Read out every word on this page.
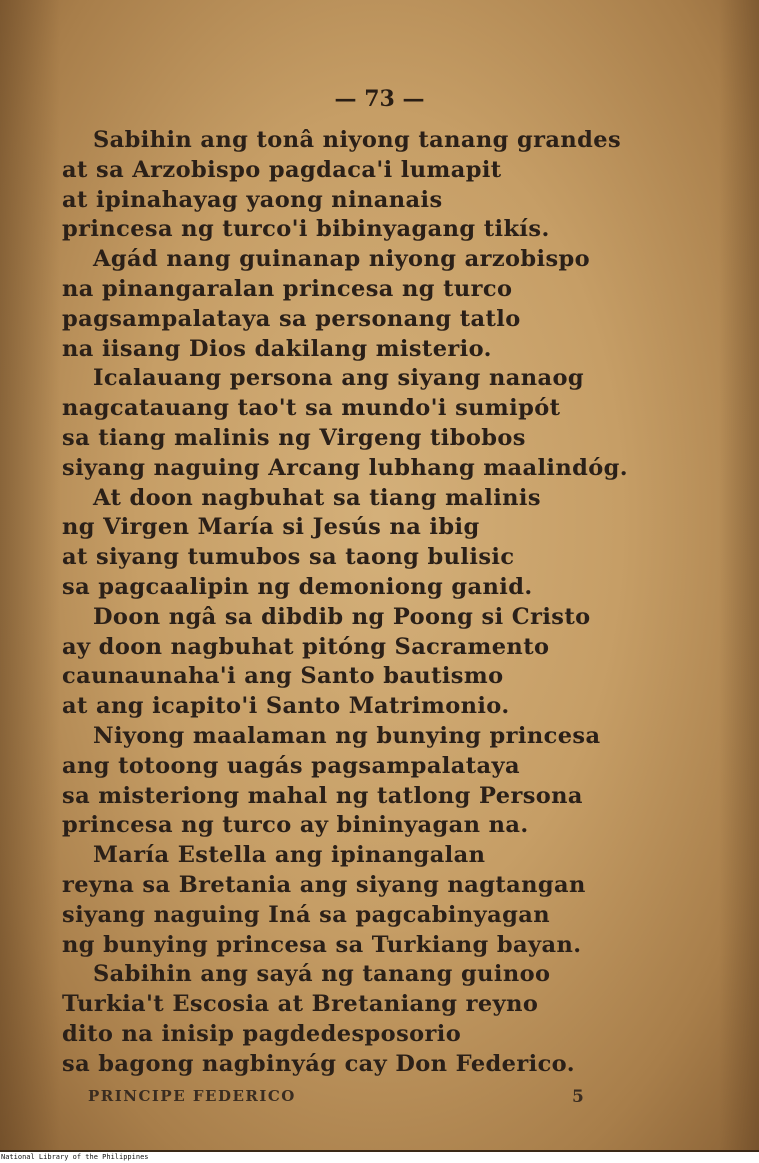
— 73 —
Sabihin ang tonâ niyong tanang grandes
at sa Arzobispo pagdaca'i lumapit
at ipinahayag yaong ninanais
princesa ng turco'i bibinyagang tikís.
Agád nang guinanap niyong arzobispo
na pinangaralan princesa ng turco
pagsampalataya sa personang tatlo
na iisang Dios dakilang misterio.
Icalauang persona ang siyang nanaog
nagcatauang tao't sa mundo'i sumipót
sa tiang malinis ng Virgeng tibobos
siyang naguing Arcang lubhang maalindóg.
At doon nagbuhat sa tiang malinis
ng Virgen María si Jesús na ibig
at siyang tumubos sa taong bulisic
sa pagcaalipin ng demoniong ganid.
Doon ngâ sa dibdib ng Poong si Cristo
ay doon nagbuhat pitóng Sacramento
caunaunaha'i ang Santo bautismo
at ang icapito'i Santo Matrimonio.
Niyong maalaman ng bunying princesa
ang totoong uagás pagsampalataya
sa misteriong mahal ng tatlong Persona
princesa ng turco ay bininyagan na.
María Estella ang ipinangalan
reyna sa Bretania ang siyang nagtangan
siyang naguing Iná sa pagcabinyagan
ng bunying princesa sa Turkiang bayan.
Sabihin ang sayá ng tanang guinoo
Turkia't Escosia at Bretaniang reyno
dito na inisip pagdedesposorio
sa bagong nagbinyág cay Don Federico.
PRINCIPE FEDERICO	5
National Library of the Philippines
